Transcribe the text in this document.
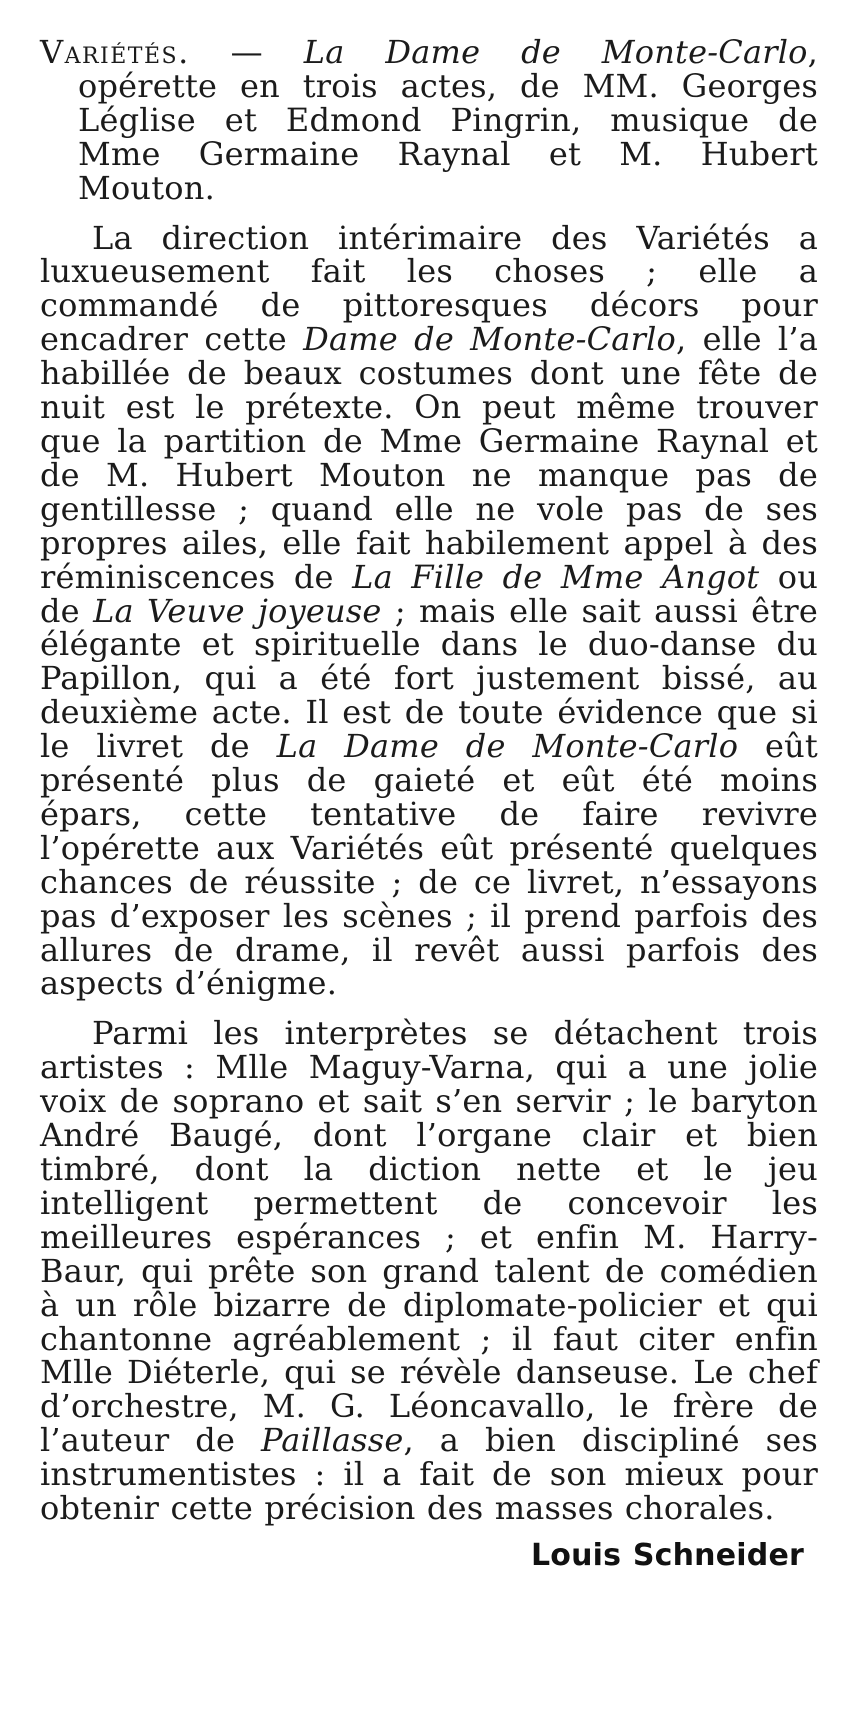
Variétés. — La Dame de Monte-Carlo, opérette en trois actes, de MM. Georges Léglise et Edmond Pingrin, musique de Mme Germaine Raynal et M. Hubert Mouton.

La direction intérimaire des Variétés a luxueusement fait les choses ; elle a commandé de pittoresques décors pour encadrer cette Dame de Monte-Carlo, elle l’a habillée de beaux costumes dont une fête de nuit est le prétexte. On peut même trouver que la partition de Mme Germaine Raynal et de M. Hubert Mouton ne manque pas de gentillesse ; quand elle ne vole pas de ses propres ailes, elle fait habilement appel à des réminiscences de La Fille de Mme Angot ou de La Veuve joyeuse ; mais elle sait aussi être élégante et spirituelle dans le duo-danse du Papillon, qui a été fort justement bissé, au deuxième acte. Il est de toute évidence que si le livret de La Dame de Monte-Carlo eût présenté plus de gaieté et eût été moins épars, cette tentative de faire revivre l’opérette aux Variétés eût présenté quelques chances de réussite ; de ce livret, n’essayons pas d’exposer les scènes ; il prend parfois des allures de drame, il revêt aussi parfois des aspects d’énigme.

Parmi les interprètes se détachent trois artistes : Mlle Maguy-Varna, qui a une jolie voix de soprano et sait s’en servir ; le baryton André Baugé, dont l’organe clair et bien timbré, dont la diction nette et le jeu intelligent permettent de concevoir les meilleures espérances ; et enfin M. Harry-Baur, qui prête son grand talent de comédien à un rôle bizarre de diplomate-policier et qui chantonne agréablement ; il faut citer enfin Mlle Diéterle, qui se révèle danseuse. Le chef d’orchestre, M. G. Léoncavallo, le frère de l’auteur de Paillasse, a bien discipliné ses instrumentistes : il a fait de son mieux pour obtenir cette précision des masses chorales.

Louis Schneider
